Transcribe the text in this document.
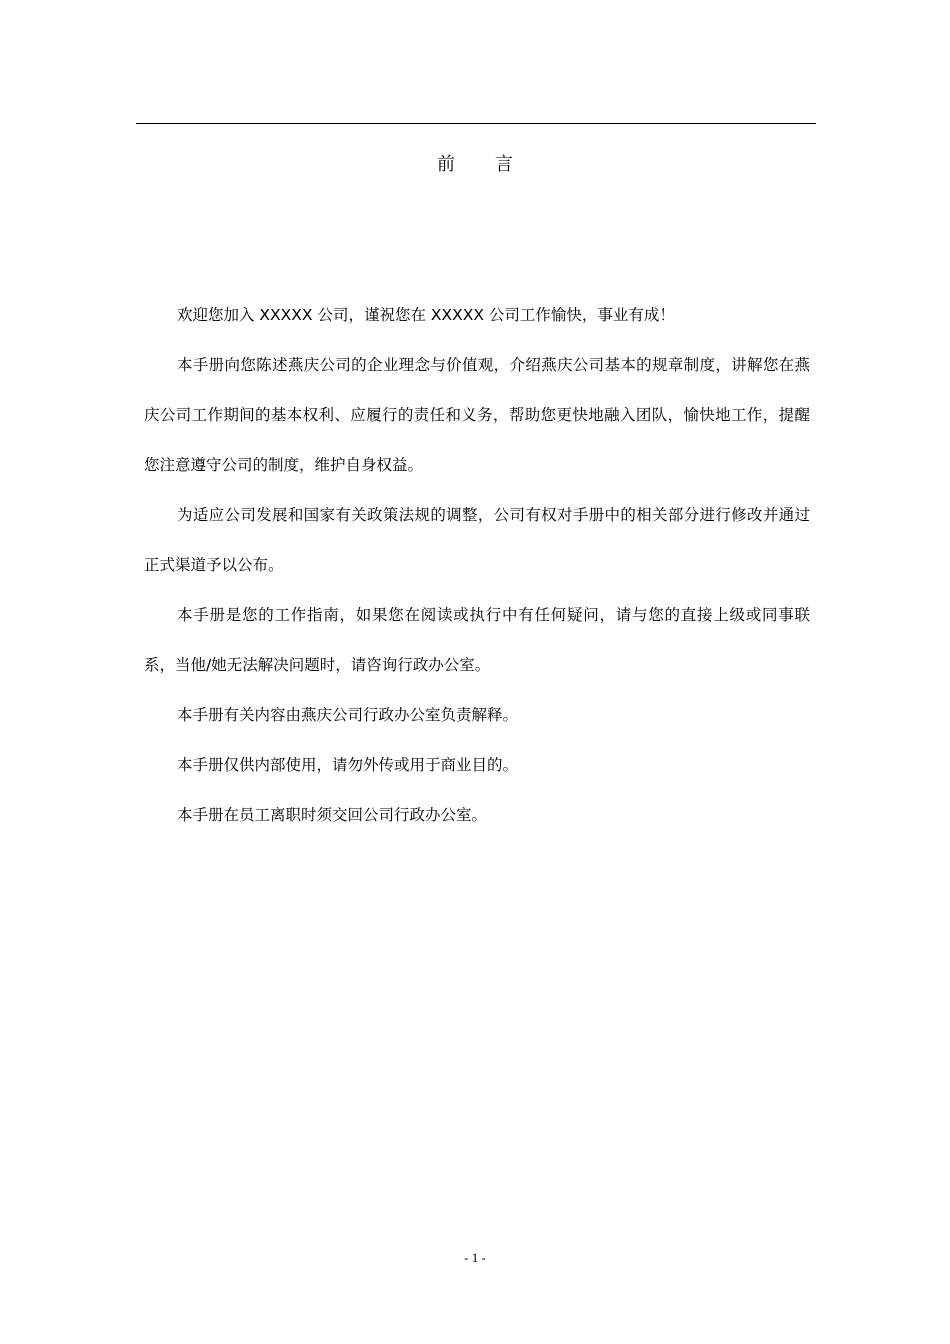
前言

欢迎您加入 XXXXX 公司，谨祝您在 XXXXX 公司工作愉快，事业有成！

本手册向您陈述燕庆公司的企业理念与价值观，介绍燕庆公司基本的规章制度，讲解您在燕庆公司工作期间的基本权利、应履行的责任和义务，帮助您更快地融入团队，愉快地工作，提醒您注意遵守公司的制度，维护自身权益。

为适应公司发展和国家有关政策法规的调整，公司有权对手册中的相关部分进行修改并通过正式渠道予以公布。

本手册是您的工作指南，如果您在阅读或执行中有任何疑问，请与您的直接上级或同事联系，当他/她无法解决问题时，请咨询行政办公室。

本手册有关内容由燕庆公司行政办公室负责解释。

本手册仅供内部使用，请勿外传或用于商业目的。

本手册在员工离职时须交回公司行政办公室。

- 1 -
